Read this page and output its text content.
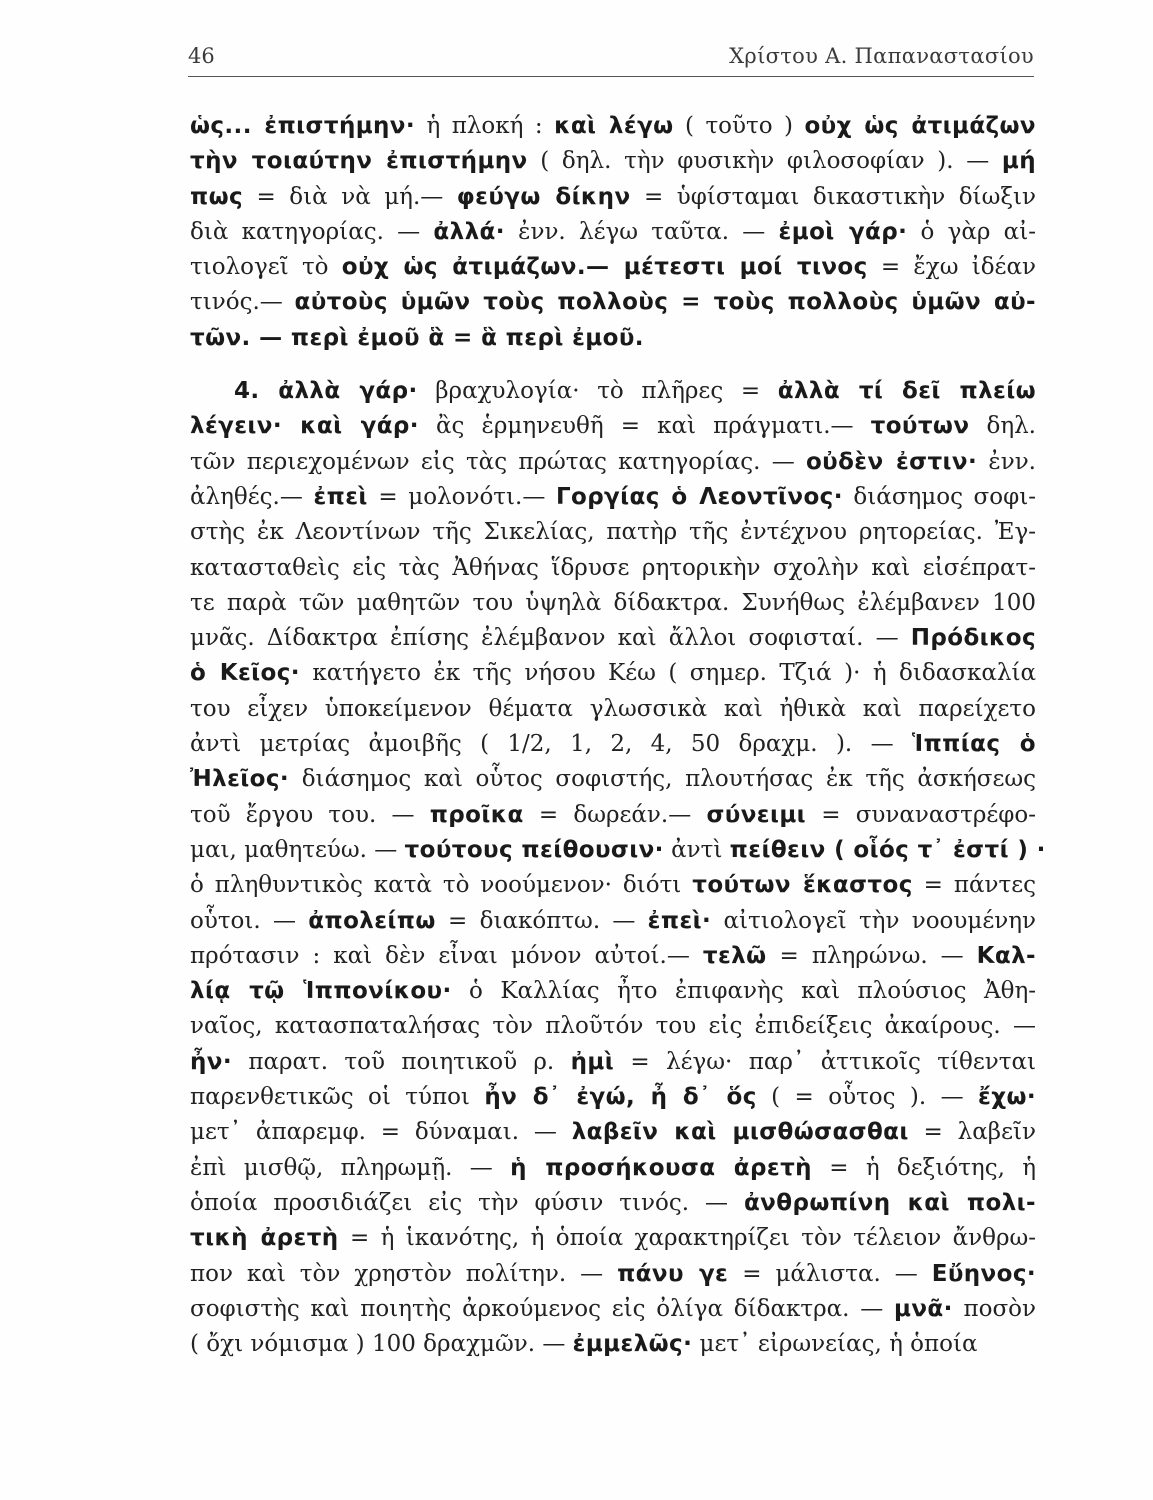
46	Χρίστου Α. Παπαναστασίου
ὡς... ἐπιστήμην· ἡ πλοκή : καὶ λέγω ( τοῦτο ) οὐχ ὡς ἀτιμάζων
τὴν τοιαύτην ἐπιστήμην ( δηλ. τὴν φυσικὴν φιλοσοφίαν ). — μή
πως = διὰ νὰ μή.— φεύγω δίκην = ὑφίσταμαι δικαστικὴν δίωξιν
διὰ κατηγορίας. — ἀλλά· ἐνν. λέγω ταῦτα. — ἐμοὶ γάρ· ὁ γὰρ αἰ-
τιολογεῖ τὸ οὐχ ὡς ἀτιμάζων.— μέτεστι μοί τινος = ἔχω ἰδέαν
τινός.— αὐτοὺς ὑμῶν τοὺς πολλοὺς = τοὺς πολλοὺς ὑμῶν αὐ-
τῶν. — περὶ ἐμοῦ ἃ = ἃ περὶ ἐμοῦ.
4. ἀλλὰ γάρ· βραχυλογία· τὸ πλῆρες = ἀλλὰ τί δεῖ πλείω
λέγειν· καὶ γάρ· ἂς ἑρμηνευθῆ = καὶ πράγματι.— τούτων δηλ.
τῶν περιεχομένων εἰς τὰς πρώτας κατηγορίας. — οὐδὲν ἐστιν· ἐνν.
ἀληθές.— ἐπεὶ = μολονότι.— Γοργίας ὁ Λεοντῖνος· διάσημος σοφι-
στὴς ἐκ Λεοντίνων τῆς Σικελίας, πατὴρ τῆς ἐντέχνου ρητορείας. Ἐγ-
κατασταθεὶς εἰς τὰς Ἀθήνας ἵδρυσε ρητορικὴν σχολὴν καὶ εἰσέπρατ-
τε παρὰ τῶν μαθητῶν του ὑψηλὰ δίδακτρα. Συνήθως ἐλέμβανεν 100
μνᾶς. Δίδακτρα ἐπίσης ἐλέμβανον καὶ ἄλλοι σοφισταί. — Πρόδικος
ὁ Κεῖος· κατήγετο ἐκ τῆς νήσου Κέω ( σημερ. Τζιά )· ἡ διδασκαλία
του εἶχεν ὑποκείμενον θέματα γλωσσικὰ καὶ ἠθικὰ καὶ παρείχετο
ἀντὶ μετρίας ἀμοιβῆς ( 1/2, 1, 2, 4, 50 δραχμ. ). — Ἱππίας ὁ
Ἠλεῖος· διάσημος καὶ οὗτος σοφιστής, πλουτήσας ἐκ τῆς ἀσκήσεως
τοῦ ἔργου του. — προῖκα = δωρεάν.— σύνειμι = συναναστρέφο-
μαι, μαθητεύω. — τούτους πείθουσιν· ἀντὶ πείθειν ( οἷός τ᾽ ἐστί ) ·
ὁ πληθυντικὸς κατὰ τὸ νοούμενον· διότι τούτων ἕκαστος = πάντες
οὗτοι. — ἀπολείπω = διακόπτω. — ἐπεὶ· αἰτιολογεῖ τὴν νοουμένην
πρότασιν : καὶ δὲν εἶναι μόνον αὐτοί.— τελῶ = πληρώνω. — Καλ-
λίᾳ τῷ Ἱππονίκου· ὁ Καλλίας ἦτο ἐπιφανὴς καὶ πλούσιος Ἀθη-
ναῖος, κατασπαταλήσας τὸν πλοῦτόν του εἰς ἐπιδείξεις ἀκαίρους. —
ἦν· παρατ. τοῦ ποιητικοῦ ρ. ἠμὶ = λέγω· παρ᾽ ἀττικοῖς τίθενται
παρενθετικῶς οἱ τύποι ἦν δ᾽ ἐγώ, ἦ δ᾽ ὅς ( = οὗτος ). — ἔχω·
μετ᾽ ἀπαρεμφ. = δύναμαι. — λαβεῖν καὶ μισθώσασθαι = λαβεῖν
ἐπὶ μισθῷ, πληρωμῇ. — ἡ προσήκουσα ἀρετὴ = ἡ δεξιότης, ἡ
ὁποία προσιδιάζει εἰς τὴν φύσιν τινός. — ἀνθρωπίνη καὶ πολι-
τικὴ ἀρετὴ = ἡ ἱκανότης, ἡ ὁποία χαρακτηρίζει τὸν τέλειον ἄνθρω-
πον καὶ τὸν χρηστὸν πολίτην. — πάνυ γε = μάλιστα. — Εὔηνος·
σοφιστὴς καὶ ποιητὴς ἀρκούμενος εἰς ὀλίγα δίδακτρα. — μνᾶ· ποσὸν
( ὄχι νόμισμα ) 100 δραχμῶν. — ἐμμελῶς· μετ᾽ εἰρωνείας, ἡ ὁποία
